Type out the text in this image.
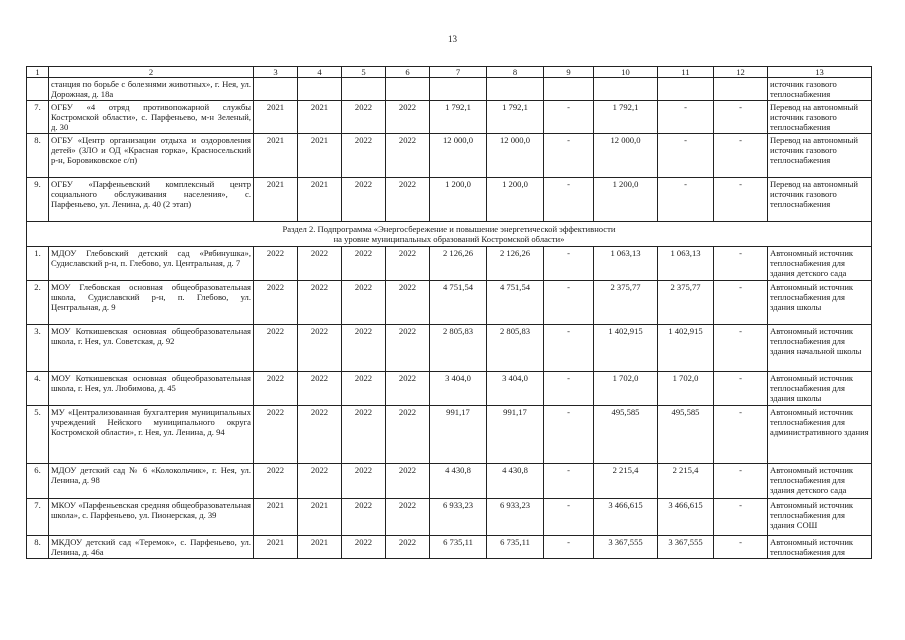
13
1	2	3	4	5	6	7	8	9	10	11	12	13
	станция по борьбе с болезнями животных», г. Нея, ул. Дорожная, д. 18а											источник газового теплоснабжения
7.	ОГБУ «4 отряд противопожарной службы Костромской области», с. Парфеньево, м-н Зеленый, д. 30	2021	2021	2022	2022	1 792,1	1 792,1	-	1 792,1	-	-	Перевод на автономный источник газового теплоснабжения
8.	ОГБУ «Центр организации отдыха и оздоровления детей» (ЗЛО и ОД «Красная горка», Красносельский р-н, Боровиковское с/п)	2021	2021	2022	2022	12 000,0	12 000,0	-	12 000,0	-	-	Перевод на автономный источник газового теплоснабжения
9.	ОГБУ «Парфеньевский комплексный центр социального обслуживания населения», с. Парфеньево, ул. Ленина, д. 40 (2 этап)	2021	2021	2022	2022	1 200,0	1 200,0	-	1 200,0	-	-	Перевод на автономный источник газового теплоснабжения

Раздел 2. Подпрограмма «Энергосбережение и повышение энергетической эффективности
на уровне муниципальных образований Костромской области»												

1.	МДОУ Глебовский детский сад «Рябинушка», Судиславский р-н, п. Глебово, ул. Центральная, д. 7	2022	2022	2022	2022	2 126,26	2 126,26	-	1 063,13	1 063,13	-	Автономный источник теплоснабжения для здания детского сада
2.	МОУ Глебовская основная общеобразовательная школа, Судиславский р-н, п. Глебово, ул. Центральная, д. 9	2022	2022	2022	2022	4 751,54	4 751,54	-	2 375,77	2 375,77	-	Автономный источник теплоснабжения для здания школы
3.	МОУ Коткишевская основная общеобразовательная школа, г. Нея, ул. Советская, д. 92	2022	2022	2022	2022	2 805,83	2 805,83	-	1 402,915	1 402,915	-	Автономный источник теплоснабжения для здания начальной школы
4.	МОУ Коткишевская основная общеобразовательная школа, г. Нея, ул. Любимова, д. 45	2022	2022	2022	2022	3 404,0	3 404,0	-	1 702,0	1 702,0	-	Автономный источник теплоснабжения для здания школы
5.	МУ «Централизованная бухгалтерия муниципальных учреждений Нейского муниципального округа Костромской области», г. Нея, ул. Ленина, д. 94	2022	2022	2022	2022	991,17	991,17	-	495,585	495,585	-	Автономный источник теплоснабжения для административного здания
6.	МДОУ детский сад № 6 «Колокольчик», г. Нея, ул. Ленина, д. 98	2022	2022	2022	2022	4 430,8	4 430,8	-	2 215,4	2 215,4	-	Автономный источник теплоснабжения для здания детского сада
7.	МКОУ «Парфеньевская средняя общеобразовательная школа», с. Парфеньево, ул. Пионерская, д. 39	2021	2021	2022	2022	6 933,23	6 933,23	-	3 466,615	3 466,615	-	Автономный источник теплоснабжения для здания СОШ
8.	МКДОУ детский сад «Теремок», с. Парфеньево, ул. Ленина, д. 46а	2021	2021	2022	2022	6 735,11	6 735,11	-	3 367,555	3 367,555	-	Автономный источник теплоснабжения для
